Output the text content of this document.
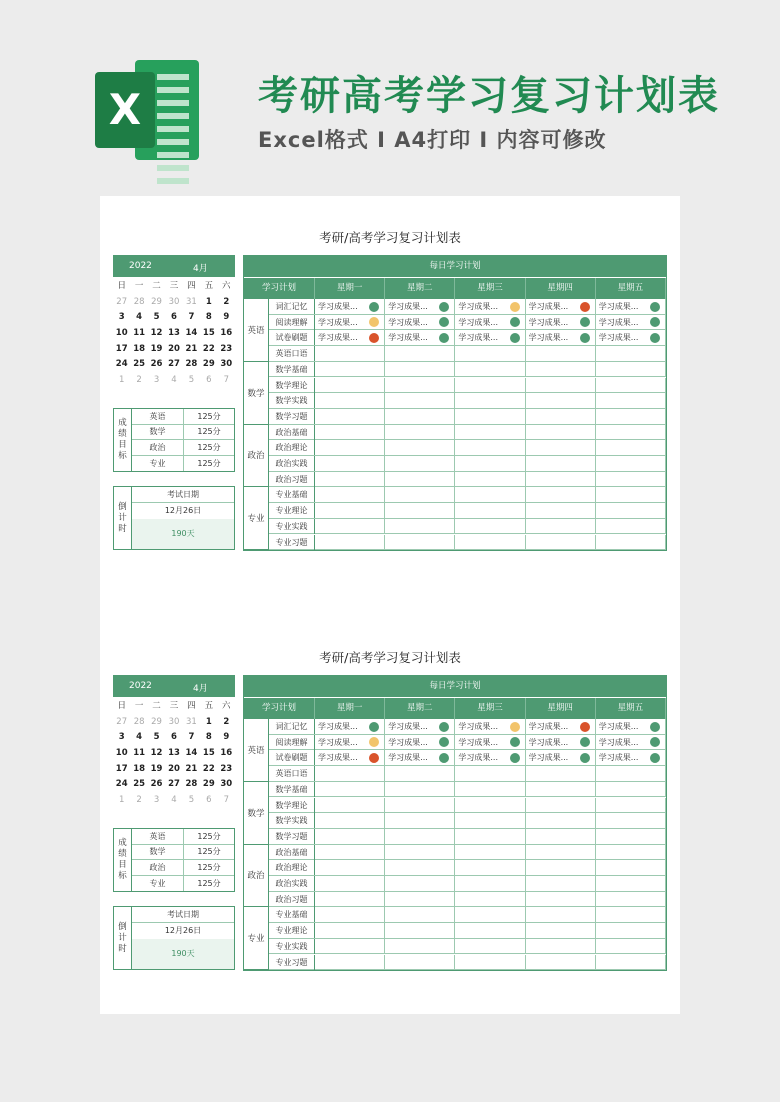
X	考研高考学习复习计划表
Excel格式 Ⅰ A4打印 Ⅰ 内容可修改
考研/高考学习复习计划表
2022	4月
日	一	二	三	四	五	六
27 28 29 30 31	1	2
3	4	5	6	7	8	9
10 11 12 13 14 15 16
17 18 19 20 21 22 23
24 25 26 27 28 29 30
1	2	3	4	5	6	7
成绩目标
英语	125分
数学	125分
政治	125分
专业	125分
倒计时
考试日期
12月26日
190天
每日学习计划
学习计划	星期一	星期二	星期三	星期四	星期五
英语
词汇记忆	学习成果...	学习成果...	学习成果...	学习成果...	学习成果...
阅读理解	学习成果...	学习成果...	学习成果...	学习成果...	学习成果...
试卷刷题	学习成果...	学习成果...	学习成果...	学习成果...	学习成果...
英语口语
数学
数学基础
数学理论
数学实践
数学习题
政治
政治基础
政治理论
政治实践
政治习题
专业
专业基础
专业理论
专业实践
专业习题
考研/高考学习复习计划表
2022	4月
日	一	二	三	四	五	六
27 28 29 30 31	1	2
3	4	5	6	7	8	9
10 11 12 13 14 15 16
17 18 19 20 21 22 23
24 25 26 27 28 29 30
1	2	3	4	5	6	7
成绩目标
英语	125分
数学	125分
政治	125分
专业	125分
倒计时
考试日期
12月26日
190天
每日学习计划
学习计划	星期一	星期二	星期三	星期四	星期五
英语
词汇记忆	学习成果...	学习成果...	学习成果...	学习成果...	学习成果...
阅读理解	学习成果...	学习成果...	学习成果...	学习成果...	学习成果...
试卷刷题	学习成果...	学习成果...	学习成果...	学习成果...	学习成果...
英语口语
数学
数学基础
数学理论
数学实践
数学习题
政治
政治基础
政治理论
政治实践
政治习题
专业
专业基础
专业理论
专业实践
专业习题
